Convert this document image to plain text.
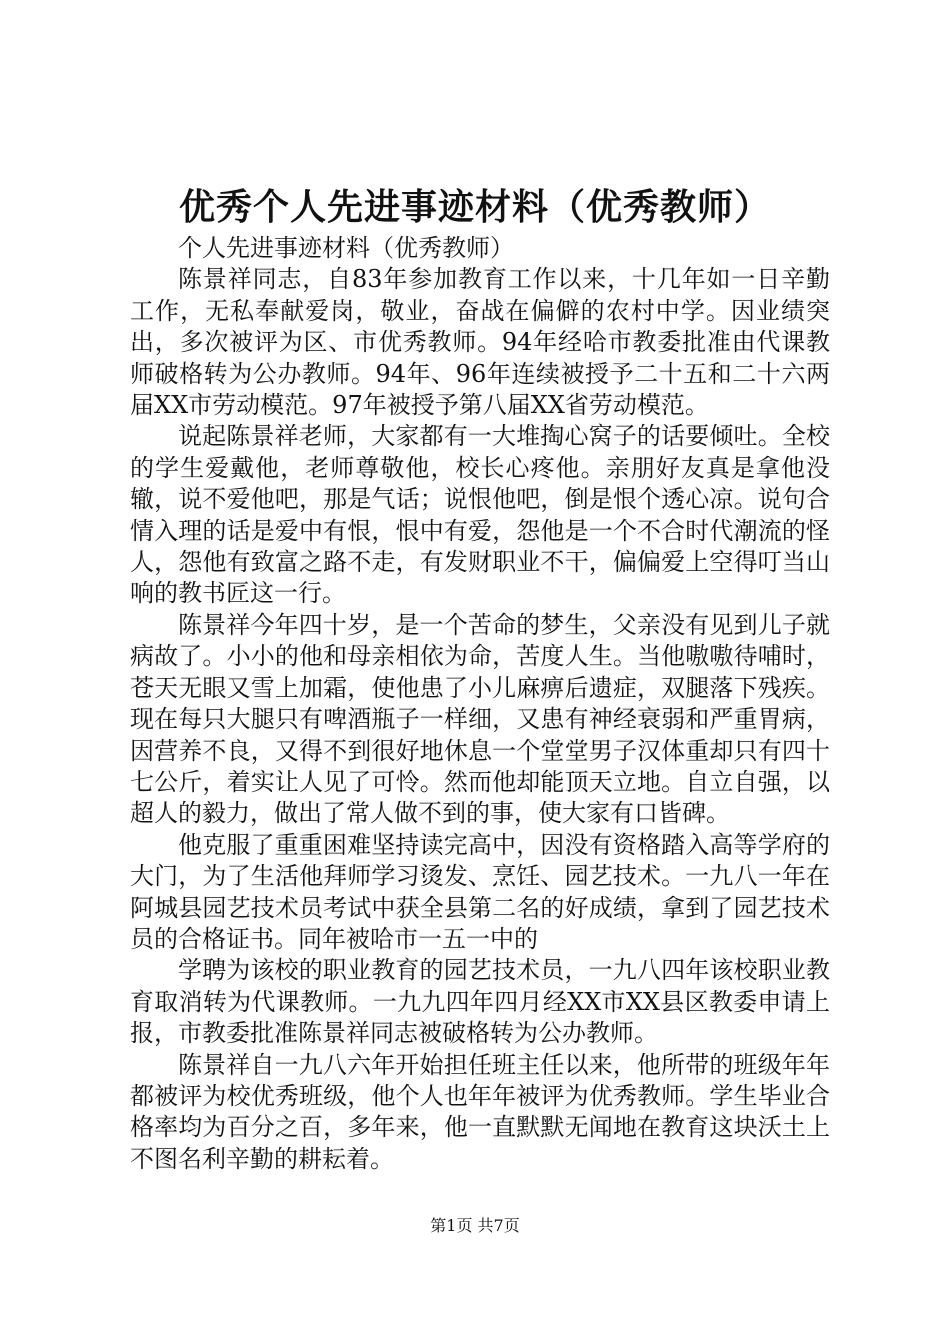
优秀个人先进事迹材料（优秀教师）

个人先进事迹材料（优秀教师）

陈景祥同志，自83年参加教育工作以来，十几年如一日辛勤工作，无私奉献爱岗，敬业，奋战在偏僻的农村中学。因业绩突出，多次被评为区、市优秀教师。94年经哈市教委批准由代课教师破格转为公办教师。94年、96年连续被授予二十五和二十六两届XX市劳动模范。97年被授予第八届XX省劳动模范。

说起陈景祥老师，大家都有一大堆掏心窝子的话要倾吐。全校的学生爱戴他，老师尊敬他，校长心疼他。亲朋好友真是拿他没辙，说不爱他吧，那是气话；说恨他吧，倒是恨个透心凉。说句合情入理的话是爱中有恨，恨中有爱，怨他是一个不合时代潮流的怪人，怨他有致富之路不走，有发财职业不干，偏偏爱上空得叮当山响的教书匠这一行。

陈景祥今年四十岁，是一个苦命的梦生，父亲没有见到儿子就病故了。小小的他和母亲相依为命，苦度人生。当他嗷嗷待哺时，苍天无眼又雪上加霜，使他患了小儿麻痹后遗症，双腿落下残疾。现在每只大腿只有啤酒瓶子一样细，又患有神经衰弱和严重胃病，因营养不良，又得不到很好地休息一个堂堂男子汉体重却只有四十七公斤，着实让人见了可怜。然而他却能顶天立地。自立自强，以超人的毅力，做出了常人做不到的事，使大家有口皆碑。

他克服了重重困难坚持读完高中，因没有资格踏入高等学府的大门，为了生活他拜师学习烫发、烹饪、园艺技术。一九八一年在阿城县园艺技术员考试中获全县第二名的好成绩，拿到了园艺技术员的合格证书。同年被哈市一五一中的

学聘为该校的职业教育的园艺技术员，一九八四年该校职业教育取消转为代课教师。一九九四年四月经XX市XX县区教委申请上报，市教委批准陈景祥同志被破格转为公办教师。

陈景祥自一九八六年开始担任班主任以来，他所带的班级年年都被评为校优秀班级，他个人也年年被评为优秀教师。学生毕业合格率均为百分之百，多年来，他一直默默无闻地在教育这块沃土上不图名利辛勤的耕耘着。

第1页 共7页
